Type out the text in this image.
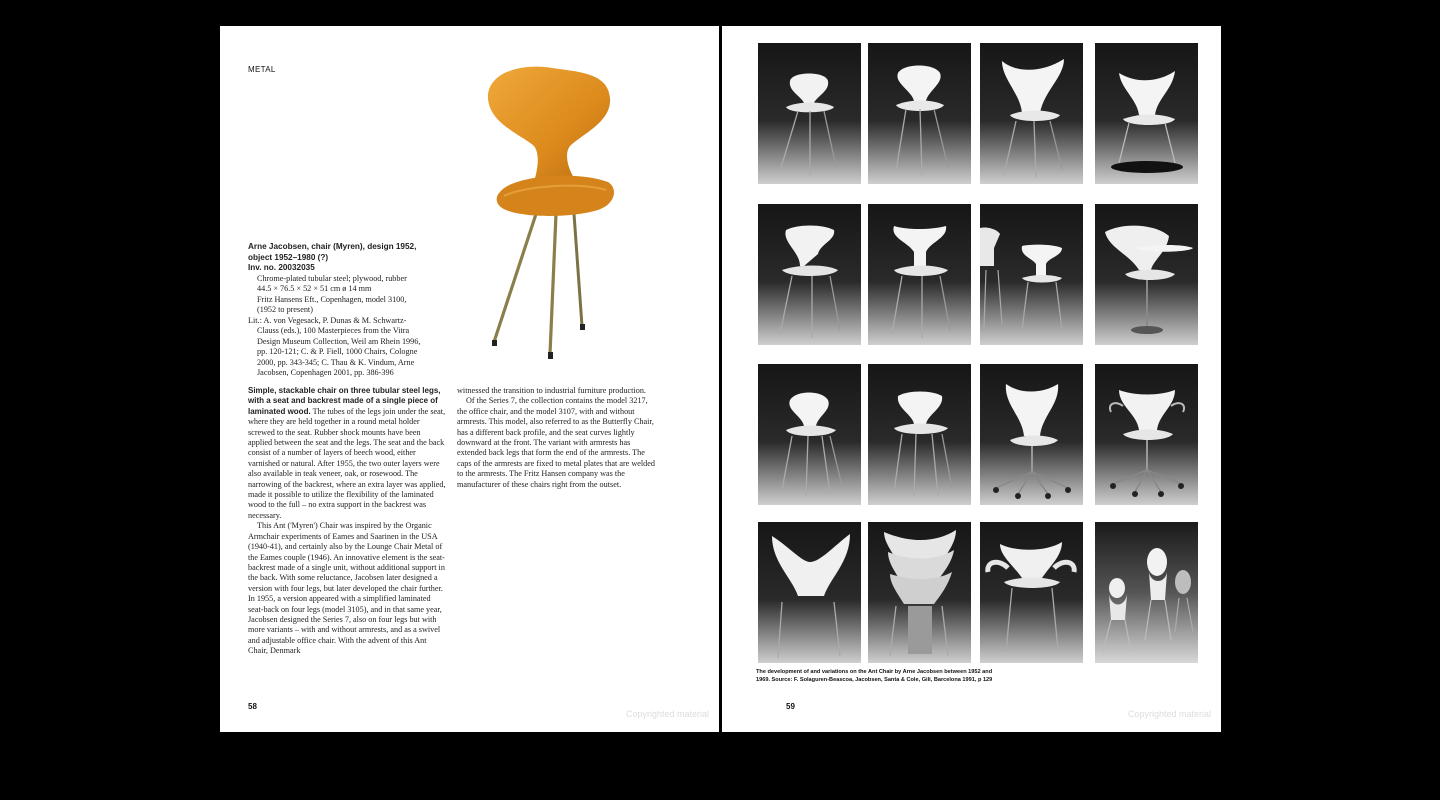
METAL
Arne Jacobsen, chair (Myren), design 1952,
object 1952–1980 (?)
Inv. no. 20032035
Chrome-plated tubular steel; plywood, rubber
44.5 × 76.5 × 52 × 51 cm ø 14 mm
Fritz Hansens Eft., Copenhagen, model 3100,
(1952 to present)
Lit.: A. von Vegesack, P. Dunas & M. Schwartz-
Clauss (eds.), 100 Masterpieces from the Vitra
Design Museum Collection, Weil am Rhein 1996,
pp. 120-121; C. & P. Fiell, 1000 Chairs, Cologne
2000, pp. 343-345; C. Thau & K. Vindum, Arne
Jacobsen, Copenhagen 2001, pp. 386-396

Simple, stackable chair on three tubular steel legs, with a seat and backrest made of a single piece of laminated wood. The tubes of the legs join under the seat, where they are held together in a round metal holder screwed to the seat. Rubber shock mounts have been applied between the seat and the legs. The seat and the back consist of a number of layers of beech wood, either varnished or natural. After 1955, the two outer layers were also available in teak veneer, oak, or rosewood. The narrowing of the backrest, where an extra layer was applied, made it possible to utilize the flexibility of the laminated wood to the full – no extra support in the backrest was necessary.

This Ant ('Myren') Chair was inspired by the Organic Armchair experiments of Eames and Saarinen in the USA (1940-41), and certainly also by the Lounge Chair Metal of the Eames couple (1946). An innovative element is the seat-backrest made of a single unit, without additional support in the back. With some reluctance, Jacobsen later designed a version with four legs, but later developed the chair further. In 1955, a version appeared with a simplified laminated seat-back on four legs (model 3105), and in that same year, Jacobsen designed the Series 7, also on four legs but with more variants – with and without armrests, and as a swivel and adjustable office chair. With the advent of this Ant Chair, Denmark

witnessed the transition to industrial furniture production.

Of the Series 7, the collection contains the model 3217, the office chair, and the model 3107, with and without armrests. This model, also referred to as the Butterfly Chair, has a different back profile, and the seat curves lightly downward at the front. The variant with armrests has extended back legs that form the end of the armrests. The caps of the armrests are fixed to metal plates that are welded to the armrests. The Fritz Hansen company was the manufacturer of these chairs right from the outset.

58
Copyrighted material
The development of and variations on the Ant Chair by Arne Jacobsen between 1952 and 1969. Source: F. Solaguren-Beascoa, Jacobsen, Santa & Cole, Gili, Barcelona 1991, p 129
59
Copyrighted material
